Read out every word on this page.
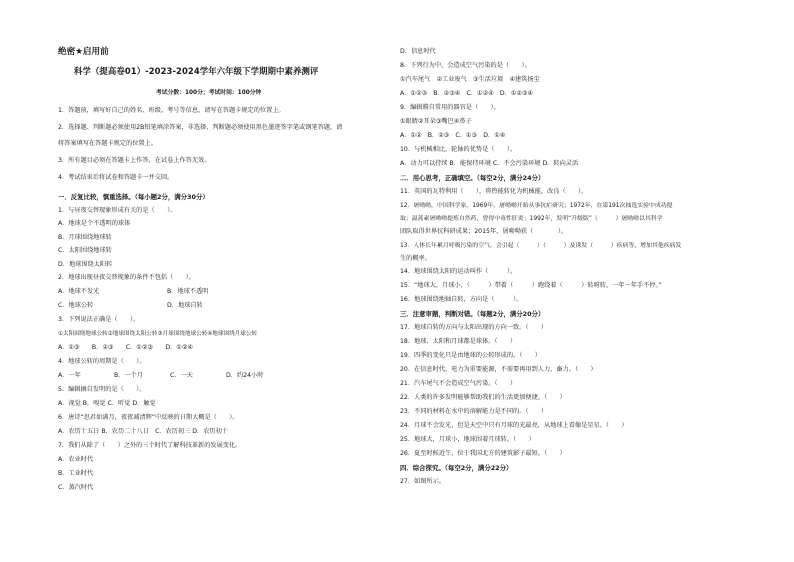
绝密★启用前
科学（提高卷01）-2023-2024学年六年级下学期期中素养测评
考试分数：100分；考试时间：100分钟
1．答题前，填写好自己的姓名、班级、考号等信息，请写在答题卡规定的位置上。
2．选择题、判断题必须使用2B铅笔填涂答案，非选择、判断题必须使用黑色墨迹签字笔或钢笔答题，请
将答案填写在答题卡规定的位置上。
3．所有题目必须在答题卡上作答，在试卷上作答无效。
4．考试结束后将试卷和答题卡一并交回。
一．反复比较，慎重选择。（每小题2分，满分30分）
1．与昼夜交替现象形成有关的是（　　）。
A．地球是个不透明的球体
B．月球围绕地球转
C．太阳围绕地球转
D．地球围绕太阳转
2．地球出现昼夜交替现象的条件不包括（　　）。
A．地球不发光	B．地球不透明
C．地球公转	D．地球自转
3．下列说法正确是（　　）。
①太阳围绕地球公转②地球围绕太阳公转③月球围绕地球公转④地球围绕月球公转
A．①③　　B．②③　　C．①②③　　D．①②④
4．地球公转的周期是（　　）。
A．一年	B．一个月	C．一天	D．约24小时
5．编辑摘自发明的是（　　）。
A．视觉 B．嗅觉 C．听觉 D．触觉
6．唐诗“思君如满月，夜夜减清辉”中反映的日期大概是（　　）。
A．农历十五日 B．农历二十八日　C．农历初三 D．农历初十
7．我们从除了（　　）之外的三个时代了解科技革新的发展变化。
A．农业时代
B．工业时代
C．蒸汽时代
D．信息时代
8．下列行为中，会造成空气污染的是（　　）。
①汽车尾气　②工业废气　③生活垃圾　④建筑扬尘
A．①②③　B．②③④　C．①②④　D．①②③④
9．编辑腾自常用的器官是（　　）。
①眼睛②耳朵③嘴巴④鼻子
A．①②　B．②③　C．①③　D．①④
10．与机械相比，轮轴的优势是（　　）。
A．动力可以持续 B．能保持环境 C．不会污染环境 D．转向灵活
二．用心思考，正确填空。（每空2分，满分24分）
11．英国的瓦特利用（　　），将热能转化为机械能，改良（　　）。
12．屠呦呦，中国科学家。1969年，屠呦呦开始从事抗疟研究；1972年，在第191次抽选实验中成功提
取；温蒿素屠呦呦提炼自然药，曾得中毒性肝炎；1992年，发明“升级版”（　　　）屠呦呦以其科学
团队取得世界抗科研成果；2015年，屠呦呦获（　　　　）。
13．人体长年累月呼吸污染的空气，会引起（　　　）（　　　）及诱发（　　　）疾病等，增加其他疾病发
生的概率。
14．地球围绕太阳的运动叫作（　　　）。
15．“地球大，月球小，（　　　）带着（　　　）跑绕着（　　　）转呀转，一年一年手不停。”
16．地球围绕地轴自转，方向是（　　　）。
三．注意审题，判断对错。（每题2分，满分20分）
17．地球自转的方向与太阳出现的方向一致。（　　）
18．地球、太阳和月球都是球体。（　　）
19．四季的变化只是由地球的公转形成的。（　　）
20．在信息时代，电力为重要能源，不需要再用到人力、畜力。（　　）
21．汽车尾气不会造成空气污染。（　　）
22．人类的许多发明能够帮助我们的生活更加便捷。（　　）
23．不同的材料在水中的溶解能力是不同的。（　　）
24．月球不会发光，但是天空中只有月球的光最亮，从地球上看像是星星。（　　）
25．地球大，月球小，地球围着月球转。（　　）
26．夏至时候近午，位于我国北方的建筑影子最短。（　　）
四．综合探究。（每空2分，满分22分）
27．如图所示。
